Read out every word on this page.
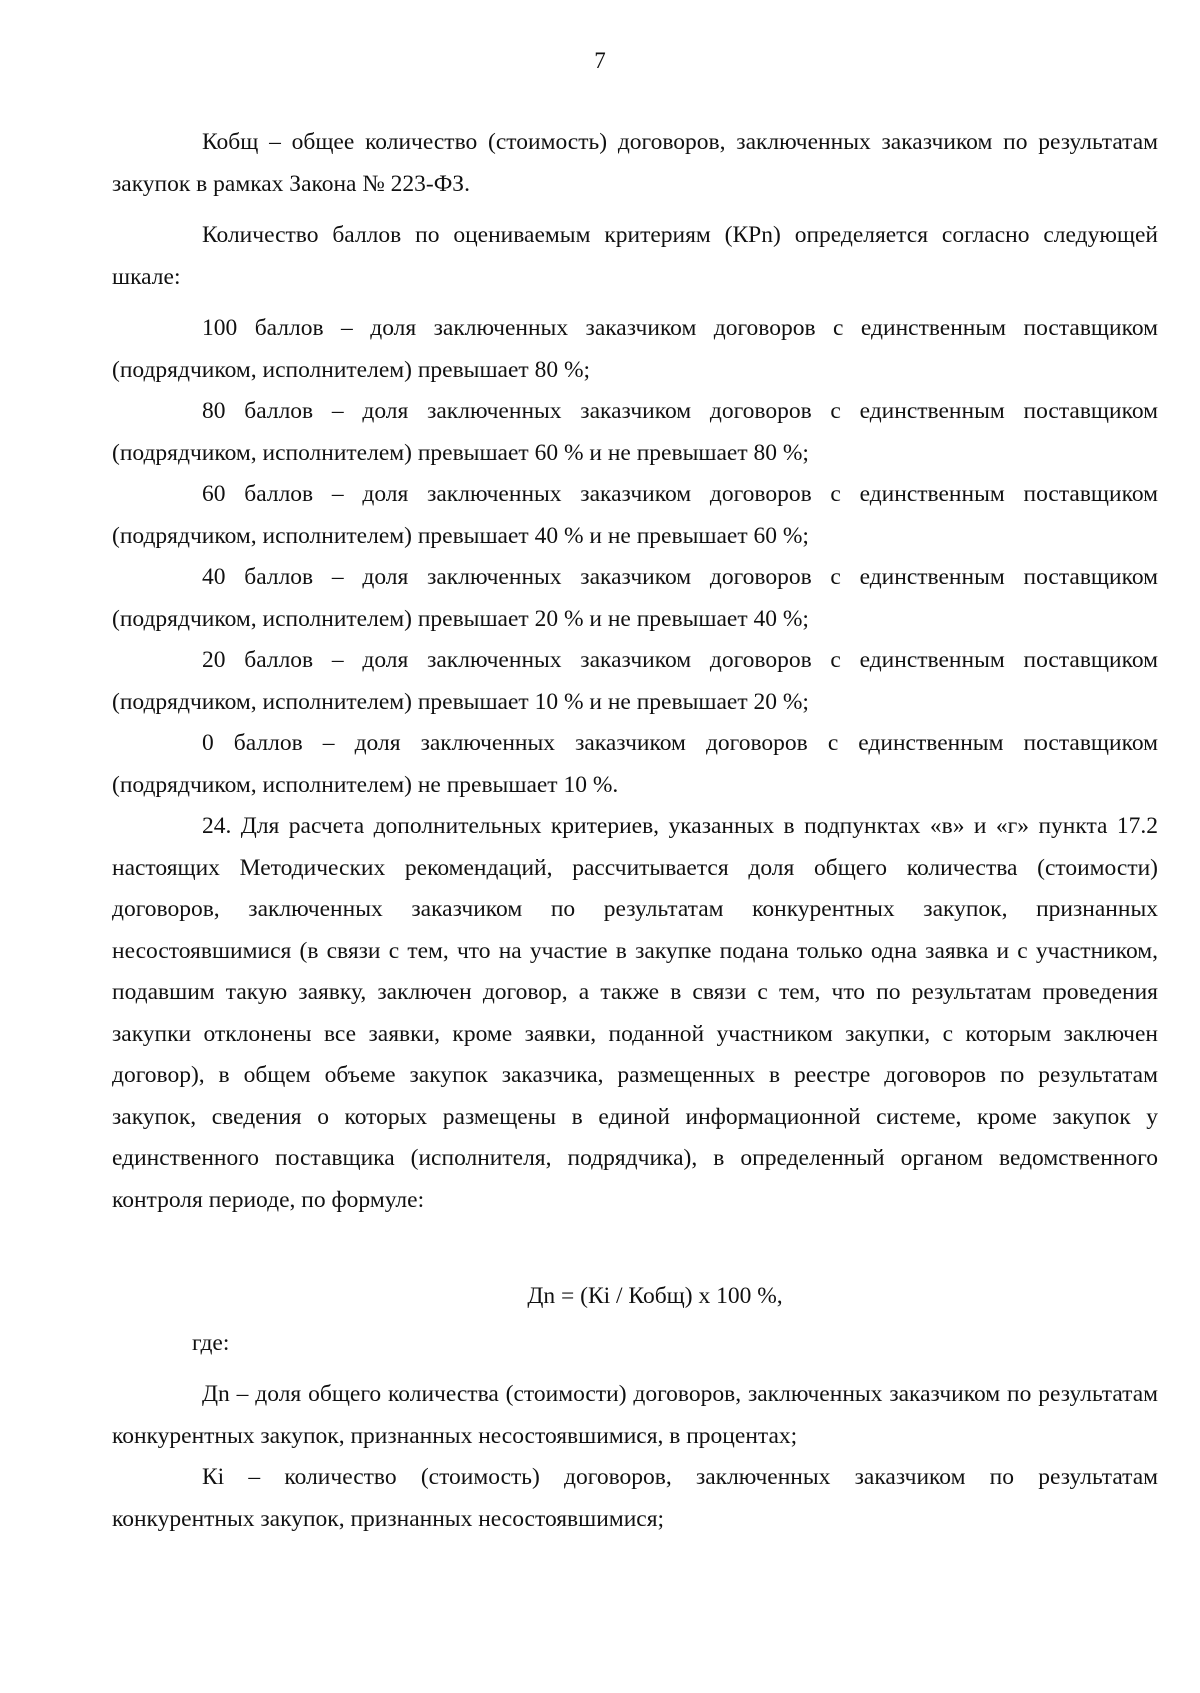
7

Кобщ – общее количество (стоимость) договоров, заключенных заказчиком по результатам закупок в рамках Закона № 223-ФЗ.

Количество баллов по оцениваемым критериям (КРn) определяется согласно следующей шкале:

100 баллов – доля заключенных заказчиком договоров с единственным поставщиком (подрядчиком, исполнителем) превышает 80 %;

80 баллов – доля заключенных заказчиком договоров с единственным поставщиком (подрядчиком, исполнителем) превышает 60 % и не превышает 80 %;

60 баллов – доля заключенных заказчиком договоров с единственным поставщиком (подрядчиком, исполнителем) превышает 40 % и не превышает 60 %;

40 баллов – доля заключенных заказчиком договоров с единственным поставщиком (подрядчиком, исполнителем) превышает 20 % и не превышает 40 %;

20 баллов – доля заключенных заказчиком договоров с единственным поставщиком (подрядчиком, исполнителем) превышает 10 % и не превышает 20 %;

0 баллов – доля заключенных заказчиком договоров с единственным поставщиком (подрядчиком, исполнителем) не превышает 10 %.

24. Для расчета дополнительных критериев, указанных в подпунктах «в» и «г» пункта 17.2 настоящих Методических рекомендаций, рассчитывается доля общего количества (стоимости) договоров, заключенных заказчиком по результатам конкурентных закупок, признанных несостоявшимися (в связи с тем, что на участие в закупке подана только одна заявка и с участником, подавшим такую заявку, заключен договор, а также в связи с тем, что по результатам проведения закупки отклонены все заявки, кроме заявки, поданной участником закупки, с которым заключен договор), в общем объеме закупок заказчика, размещенных в реестре договоров по результатам закупок, сведения о которых размещены в единой информационной системе, кроме закупок у единственного поставщика (исполнителя, подрядчика), в определенный органом ведомственного контроля периоде, по формуле:

Дn = (Кi / Кобщ) x 100 %,
где:

Дn – доля общего количества (стоимости) договоров, заключенных заказчиком по результатам конкурентных закупок, признанных несостоявшимися, в процентах;

Кi – количество (стоимость) договоров, заключенных заказчиком по результатам конкурентных закупок, признанных несостоявшимися;
